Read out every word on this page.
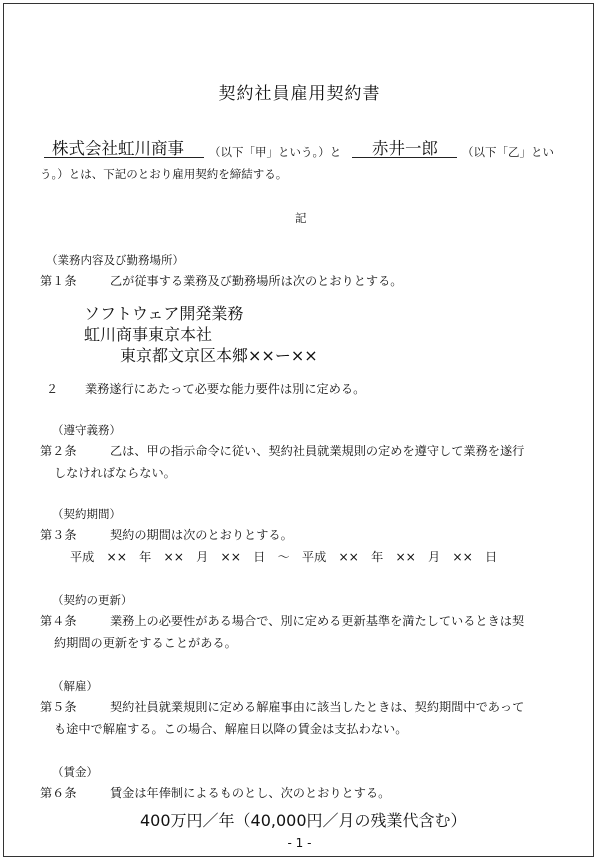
契約社員雇用契約書
株式会社虹川商事 （以下「甲」という。）と 赤井一郎 （以下「乙」とい
う。）とは、下記のとおり雇用契約を締結する。
記
（業務内容及び勤務場所）
第１条	乙が従事する業務及び勤務場所は次のとおりとする。
ソフトウェア開発業務
虹川商事東京本社
東京都文京区本郷××ー××
２ 業務遂行にあたって必要な能力要件は別に定める。
（遵守義務）
第２条	乙は、甲の指示命令に従い、契約社員就業規則の定めを遵守して業務を遂行
しなければならない。
（契約期間）
第３条	契約の期間は次のとおりとする。
平成　××　年　××　月　××　日　～　平成　××　年　××　月　××　日
（契約の更新）
第４条	業務上の必要性がある場合で、別に定める更新基準を満たしているときは契
約期間の更新をすることがある。
（解雇）
第５条	契約社員就業規則に定める解雇事由に該当したときは、契約期間中であって
も途中で解雇する。この場合、解雇日以降の賃金は支払わない。
（賃金）
第６条	賃金は年俸制によるものとし、次のとおりとする。
400万円／年（40,000円／月の残業代含む）
- 1 -
